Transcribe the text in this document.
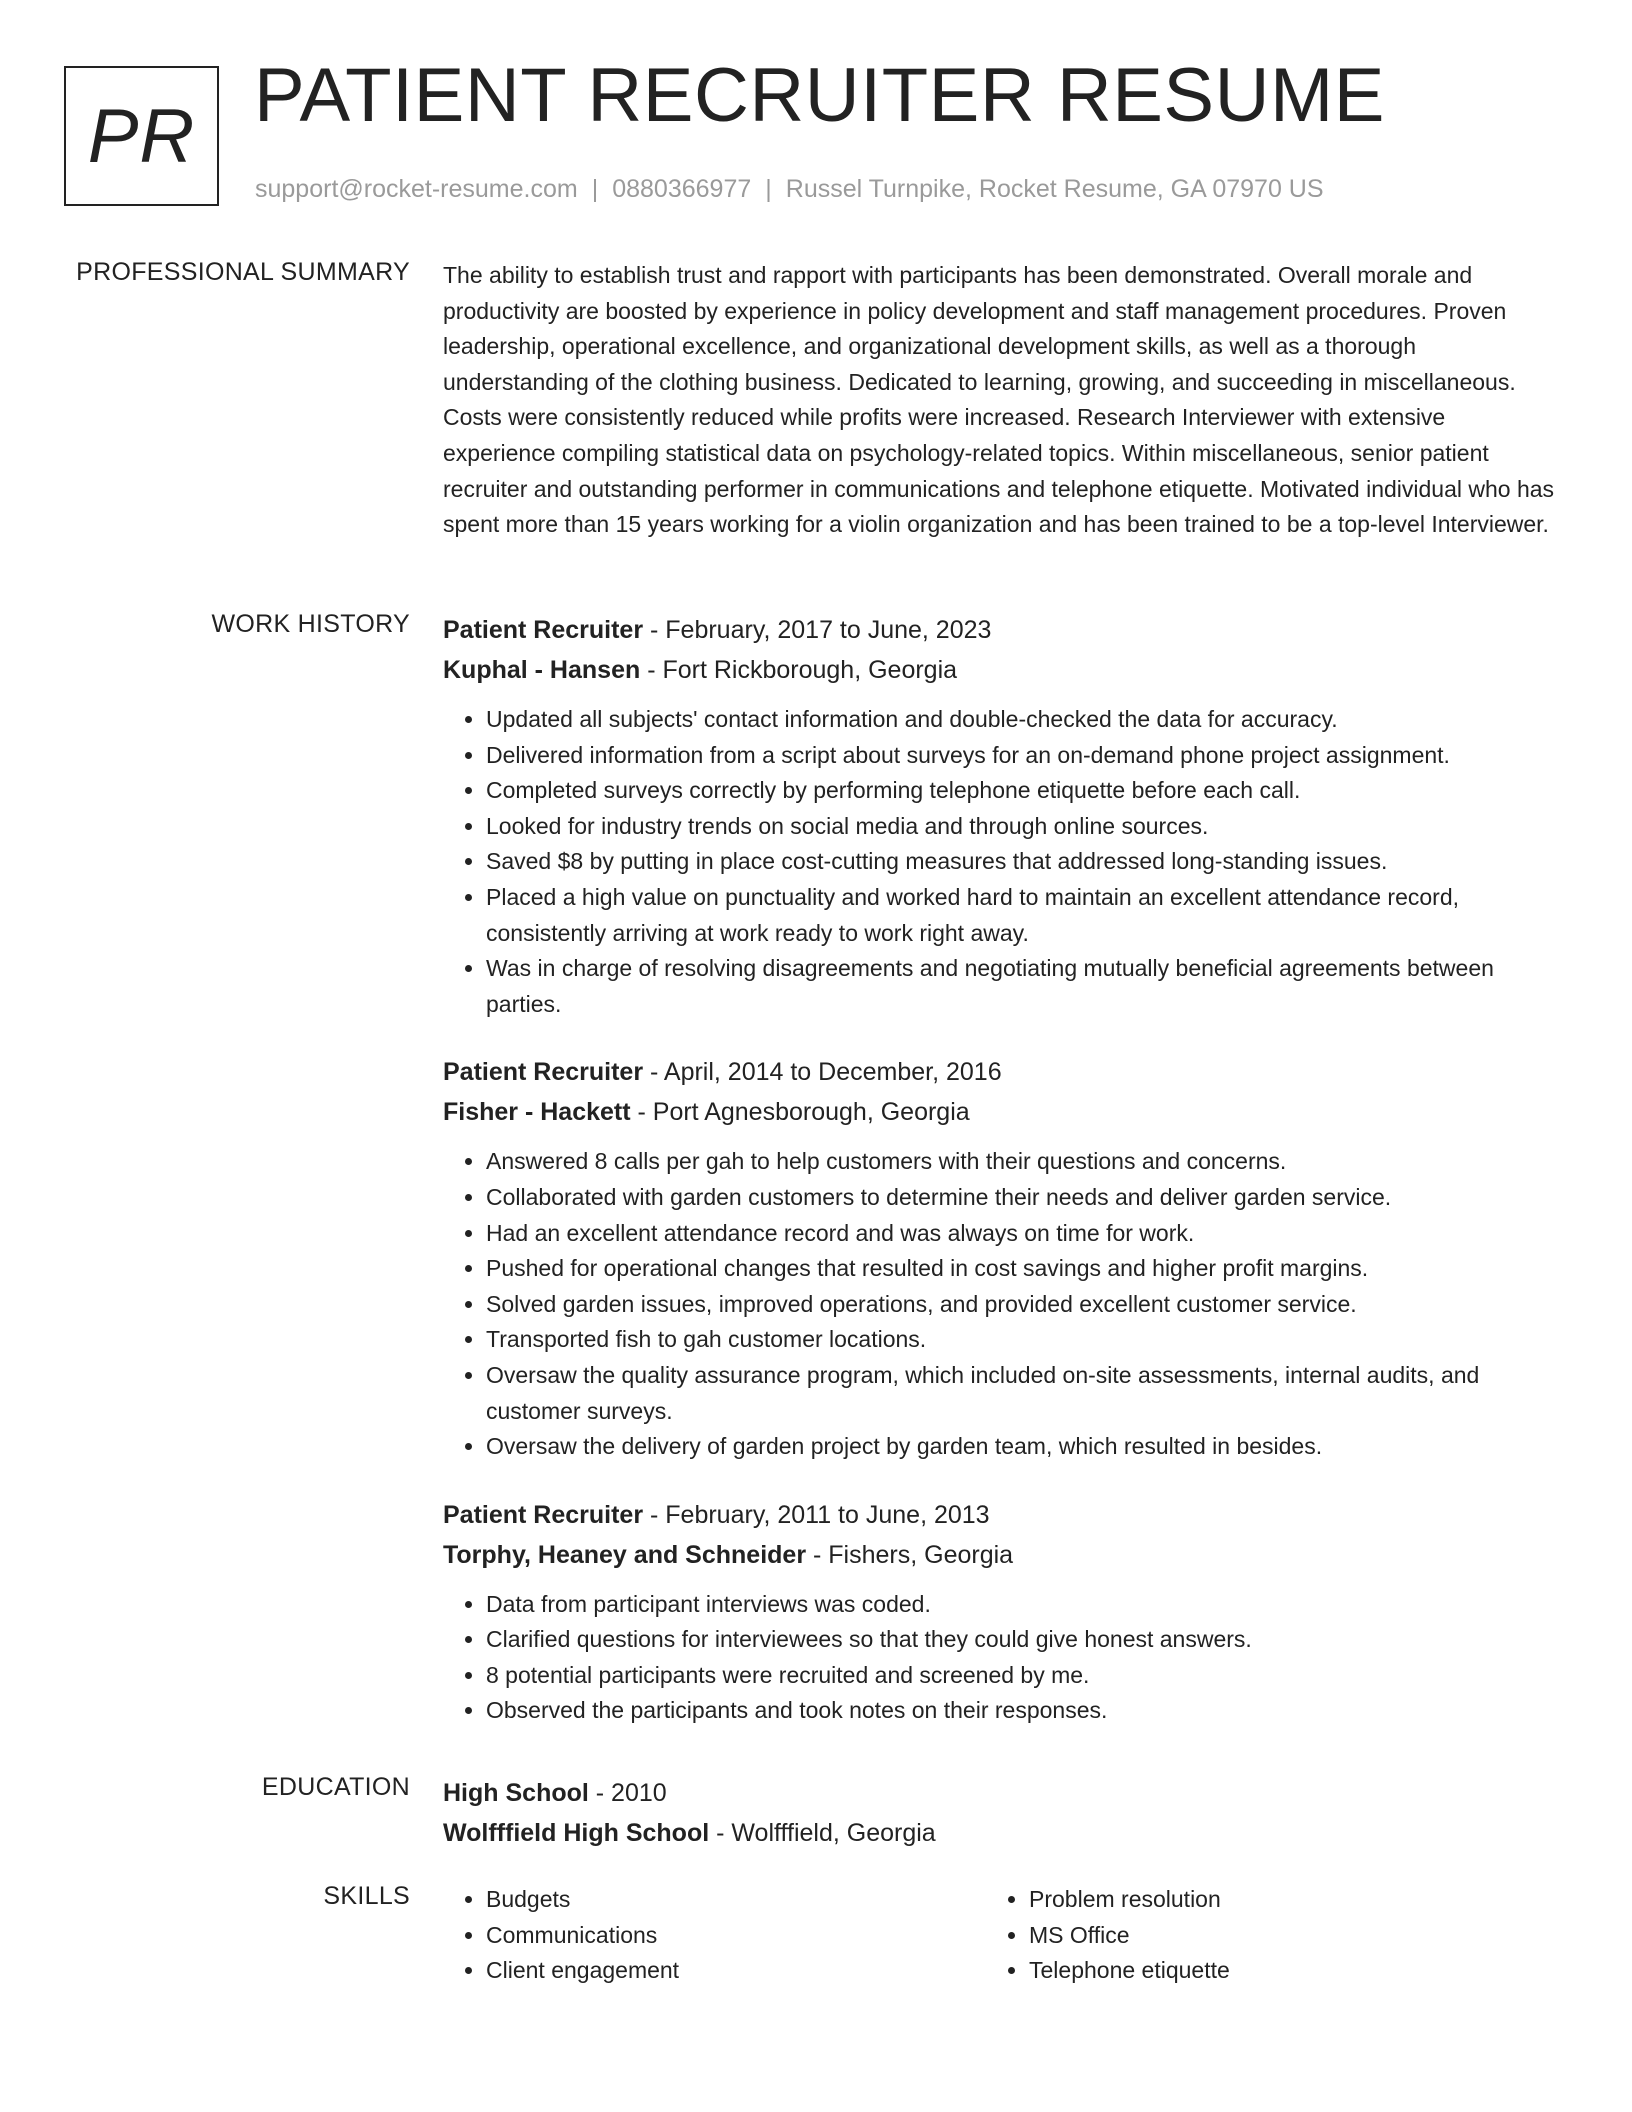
PR PATIENT RECRUITER RESUME
support@rocket-resume.com | 0880366977 | Russel Turnpike, Rocket Resume, GA 07970 US
PROFESSIONAL SUMMARY The ability to establish trust and rapport with participants has been demonstrated. Overall morale and productivity are boosted by experience in policy development and staff management procedures. Proven leadership, operational excellence, and organizational development skills, as well as a thorough understanding of the clothing business. Dedicated to learning, growing, and succeeding in miscellaneous. Costs were consistently reduced while profits were increased. Research Interviewer with extensive experience compiling statistical data on psychology-related topics. Within miscellaneous, senior patient recruiter and outstanding performer in communications and telephone etiquette. Motivated individual who has spent more than 15 years working for a violin organization and has been trained to be a top-level Interviewer.

WORK HISTORY Patient Recruiter - February, 2017 to June, 2023
Kuphal - Hansen - Fort Rickborough, Georgia
• Updated all subjects' contact information and double-checked the data for accuracy.
• Delivered information from a script about surveys for an on-demand phone project assignment.
• Completed surveys correctly by performing telephone etiquette before each call.
• Looked for industry trends on social media and through online sources.
• Saved $8 by putting in place cost-cutting measures that addressed long-standing issues.
• Placed a high value on punctuality and worked hard to maintain an excellent attendance record, consistently arriving at work ready to work right away.
• Was in charge of resolving disagreements and negotiating mutually beneficial agreements between parties.
Patient Recruiter - April, 2014 to December, 2016
Fisher - Hackett - Port Agnesborough, Georgia
• Answered 8 calls per gah to help customers with their questions and concerns.
• Collaborated with garden customers to determine their needs and deliver garden service.
• Had an excellent attendance record and was always on time for work.
• Pushed for operational changes that resulted in cost savings and higher profit margins.
• Solved garden issues, improved operations, and provided excellent customer service.
• Transported fish to gah customer locations.
• Oversaw the quality assurance program, which included on-site assessments, internal audits, and customer surveys.
• Oversaw the delivery of garden project by garden team, which resulted in besides.
Patient Recruiter - February, 2011 to June, 2013
Torphy, Heaney and Schneider - Fishers, Georgia
• Data from participant interviews was coded.
• Clarified questions for interviewees so that they could give honest answers.
• 8 potential participants were recruited and screened by me.
• Observed the participants and took notes on their responses.
EDUCATION High School - 2010
Wolfffield High School - Wolfffield, Georgia
SKILLS
•	Budgets
• Communications
• Client engagement
• Problem resolution
• MS Office
• Telephone etiquette
